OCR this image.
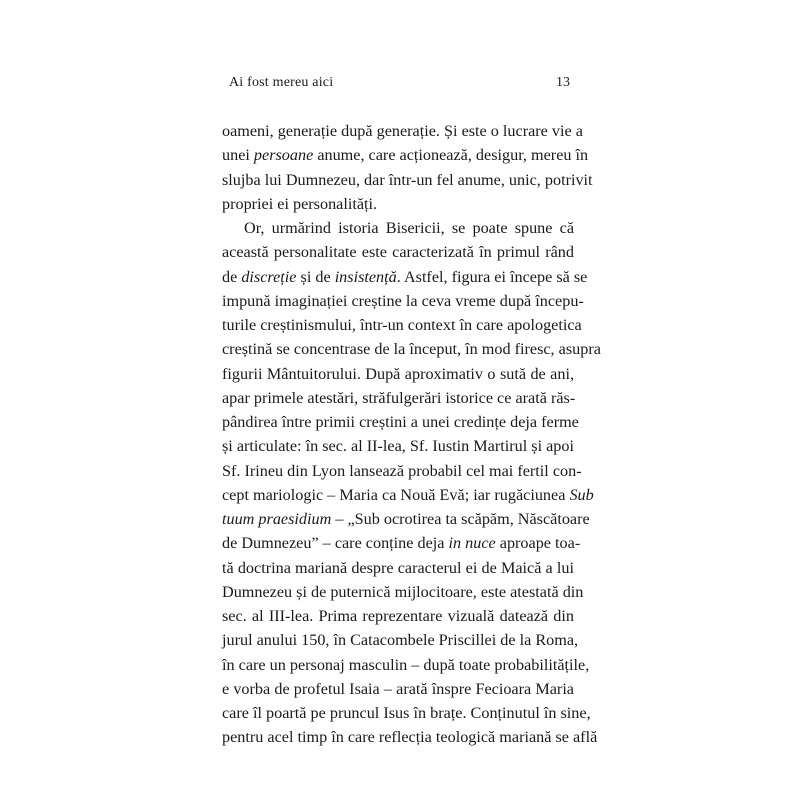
Ai fost mereu aici	13
oameni, generație după generație. Și este o lucrare vie a
unei persoane anume, care acționează, desigur, mereu în
slujba lui Dumnezeu, dar într-un fel anume, unic, potrivit
propriei ei personalități.
Or, urmărind istoria Bisericii, se poate spune că
această personalitate este caracterizată în primul rând
de discreție și de insistență. Astfel, figura ei începe să se
impună imaginației creștine la ceva vreme după începu-
turile creștinismului, într-un context în care apologetica
creștină se concentrase de la început, în mod firesc, asupra
figurii Mântuitorului. După aproximativ o sută de ani,
apar primele atestări, străfulgerări istorice ce arată răs-
pândirea între primii creștini a unei credințe deja ferme
și articulate: în sec. al II-lea, Sf. Iustin Martirul și apoi
Sf. Irineu din Lyon lansează probabil cel mai fertil con-
cept mariologic – Maria ca Nouă Evă; iar rugăciunea Sub
tuum praesidium – „Sub ocrotirea ta scăpăm, Născătoare
de Dumnezeu” – care conține deja in nuce aproape toa-
tă doctrina mariană despre caracterul ei de Maică a lui
Dumnezeu și de puternică mijlocitoare, este atestată din
sec. al III-lea. Prima reprezentare vizuală datează din
jurul anului 150, în Catacombele Priscillei de la Roma,
în care un personaj masculin – după toate probabilitățile,
e vorba de profetul Isaia – arată înspre Fecioara Maria
care îl poartă pe pruncul Isus în brațe. Conținutul în sine,
pentru acel timp în care reflecția teologică mariană se află
